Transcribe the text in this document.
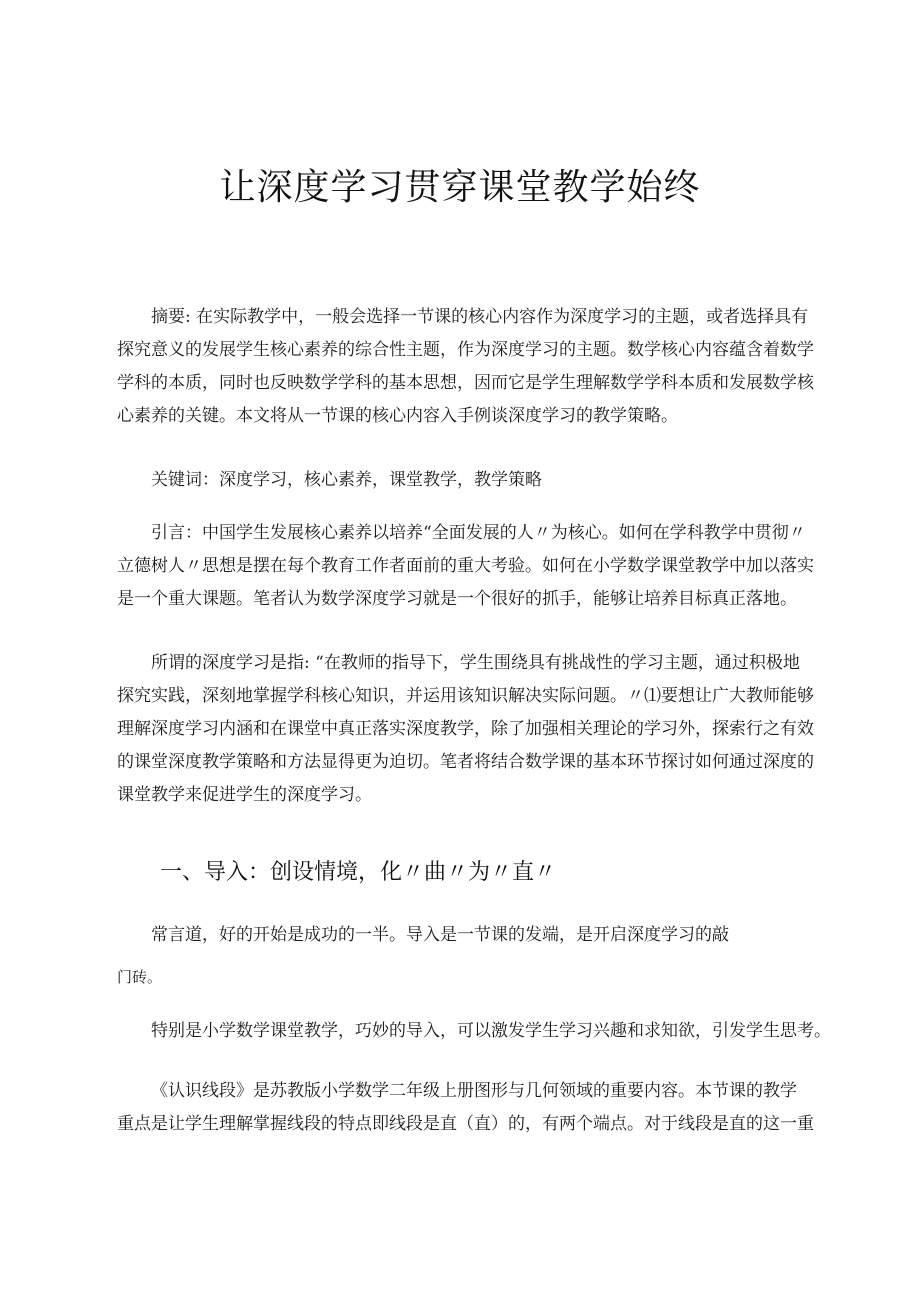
让深度学习贯穿课堂教学始终
摘要: 在实际教学中，一般会选择一节课的核心内容作为深度学习的主题，或者选择具有
探究意义的发展学生核心素养的综合性主题，作为深度学习的主题。数学核心内容蕴含着数学
学科的本质，同时也反映数学学科的基本思想，因而它是学生理解数学学科本质和发展数学核
心素养的关键。本文将从一节课的核心内容入手例谈深度学习的教学策略。
关键词：深度学习，核心素养，课堂教学，教学策略
引言：中国学生发展核心素养以培养“全面发展的人〃为核心。如何在学科教学中贯彻〃
立德树人〃思想是摆在每个教育工作者面前的重大考验。如何在小学数学课堂教学中加以落实
是一个重大课题。笔者认为数学深度学习就是一个很好的抓手，能够让培养目标真正落地。
所谓的深度学习是指: “在教师的指导下，学生围绕具有挑战性的学习主题，通过积极地
探究实践，深刻地掌握学科核心知识，并运用该知识解决实际问题。〃⑴要想让广大教师能够
理解深度学习内涵和在课堂中真正落实深度教学，除了加强相关理论的学习外，探索行之有效
的课堂深度教学策略和方法显得更为迫切。笔者将结合数学课的基本环节探讨如何通过深度的
课堂教学来促进学生的深度学习。
一、导入：创设情境，化〃曲〃为〃直〃
常言道，好的开始是成功的一半。导入是一节课的发端，是开启深度学习的敲
门砖。
特别是小学数学课堂教学，巧妙的导入，可以激发学生学习兴趣和求知欲，引发学生思考。
《认识线段》是苏教版小学数学二年级上册图形与几何领域的重要内容。本节课的教学
重点是让学生理解掌握线段的特点即线段是直（直）的，有两个端点。对于线段是直的这一重
